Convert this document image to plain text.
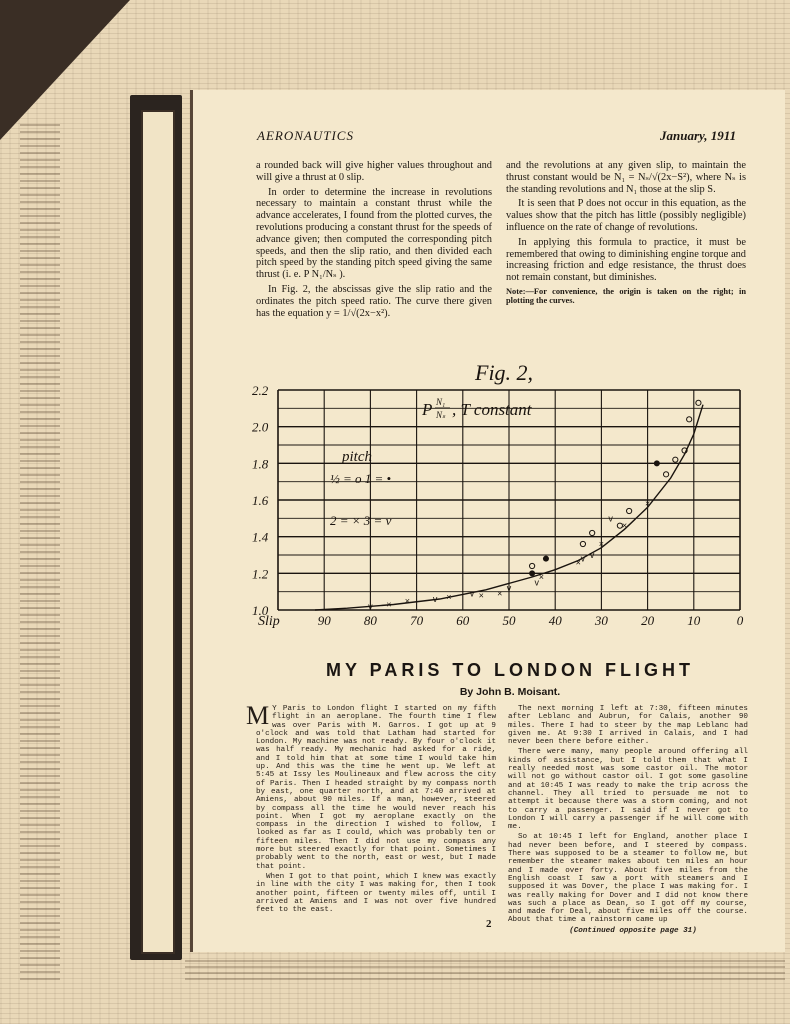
AERONAUTICS	January, 1911

a rounded back will give higher values throughout and will give a thrust at 0 slip.

In order to determine the increase in revolutions necessary to maintain a constant thrust while the advance accelerates, I found from the plotted curves, the revolutions producing a constant thrust for the speeds of advance given; then computed the corresponding pitch speeds, and then the slip ratio, and then divided each pitch speed by the standing pitch speed giving the same thrust (i. e. P N₁/Nₛ ).

In Fig. 2, the abscissas give the slip ratio and the ordinates the pitch speed ratio. The curve there given has the equation y = 1/√(2x−x²).

and the revolutions at any given slip, to maintain the thrust constant would be N₁ = Nₛ/√(2x−S²), where Nₛ is the standing revolutions and N₁ those at the slip S.

It is seen that P does not occur in this equation, as the values show that the pitch has little (possibly negligible) influence on the rate of change of revolutions.

In applying this formula to practice, it must be remembered that owing to diminishing engine torque and increasing friction and edge resistance, the thrust does not remain constant, but diminishes.

Note:—For convenience, the origin is taken on the right; in plotting the curves.
1.0
1.2
1.4
1.6
1.8
2.0
2.2
90	80	70	60	50	40	30	20	10	0
× ×	×	× ×
×
×
×
×
×
v
v
v
v
v
v v
v
Fig. 2,
P N₁
Nₛ , T constant
pitch
½ = o 1 = •
2 = × 3 = v
Slip
MY PARIS TO LONDON FLIGHT
By John B. Moisant.

M Y Paris to London flight I started on my fifth flight in an aeroplane. The fourth time I flew was over Paris with M. Garros. I got up at 9 o'clock and was told that Latham had started for London. My machine was not ready. By four o'clock it was half ready. My mechanic had asked for a ride, and I told him that at some time I would take him up. And this was the time he went up. We left at 5:45 at Issy les Moulineaux and flew across the city of Paris. Then I headed straight by my compass north by east, one quarter north, and at 7:40 arrived at Amiens, about 90 miles. If a man, however, steered by compass all the time he would never reach his point. When I got my aeroplane exactly on the compass in the direction I wished to follow, I looked as far as I could, which was probably ten or fifteen miles. Then I did not use my compass any more but steered exactly for that point. Sometimes I probably went to the north, east or west, but I made that point.

When I got to that point, which I knew was exactly in line with the city I was making for, then I took another point, fifteen or twenty miles off, until I arrived at Amiens and I was not over five hundred feet to the east.

The next morning I left at 7:30, fifteen minutes after Leblanc and Aubrun, for Calais, another 90 miles. There I had to steer by the map Leblanc had given me. At 9:30 I arrived in Calais, and I had never been there before either.

There were many, many people around offering all kinds of assistance, but I told them that what I really needed most was some castor oil. The motor will not go without castor oil. I got some gasoline and at 10:45 I was ready to make the trip across the channel. They all tried to persuade me not to attempt it because there was a storm coming, and not to carry a passenger. I said if I never got to London I will carry a passenger if he will come with me.

So at 10:45 I left for England, another place I had never been before, and I steered by compass. There was supposed to be a steamer to follow me, but remember the steamer makes about ten miles an hour and I made over forty. About five miles from the English coast I saw a port with steamers and I supposed it was Dover, the place I was making for. I was really making for Dover and I did not know there was such a place as Dean, so I got off my course, and made for Deal, about five miles off the course. About that time a rainstorm came up

(Continued opposite page 31)

2
